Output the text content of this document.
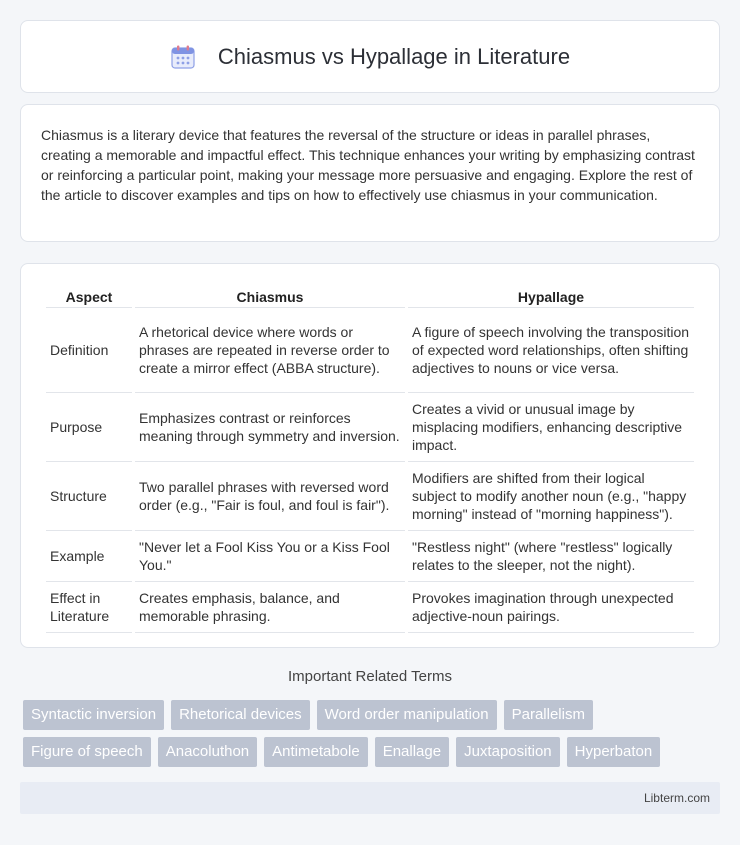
Chiasmus vs Hypallage in Literature

Chiasmus is a literary device that features the reversal of the structure or ideas in parallel phrases, creating a memorable and impactful effect. This technique enhances your writing by emphasizing contrast or reinforcing a particular point, making your message more persuasive and engaging. Explore the rest of the article to discover examples and tips on how to effectively use chiasmus in your communication.

Aspect	Chiasmus	Hypallage
Definition	A rhetorical device where words or phrases are repeated in reverse order to create a mirror effect (ABBA structure).	A figure of speech involving the transposition of expected word relationships, often shifting adjectives to nouns or vice versa.
Purpose	Emphasizes contrast or reinforces meaning through symmetry and inversion.	Creates a vivid or unusual image by misplacing modifiers, enhancing descriptive impact.
Structure	Two parallel phrases with reversed word order (e.g., "Fair is foul, and foul is fair").	Modifiers are shifted from their logical subject to modify another noun (e.g., "happy morning" instead of "morning happiness").
Example	"Never let a Fool Kiss You or a Kiss Fool You."	"Restless night" (where "restless" logically relates to the sleeper, not the night).
Effect in Literature	Creates emphasis, balance, and memorable phrasing.	Provokes imagination through unexpected adjective-noun pairings.
Important Related Terms
Syntactic inversion	Rhetorical devices	Word order manipulation	Parallelism
Figure of speech	Anacoluthon	Antimetabole	Enallage	Juxtaposition	Hyperbaton
Libterm.com
